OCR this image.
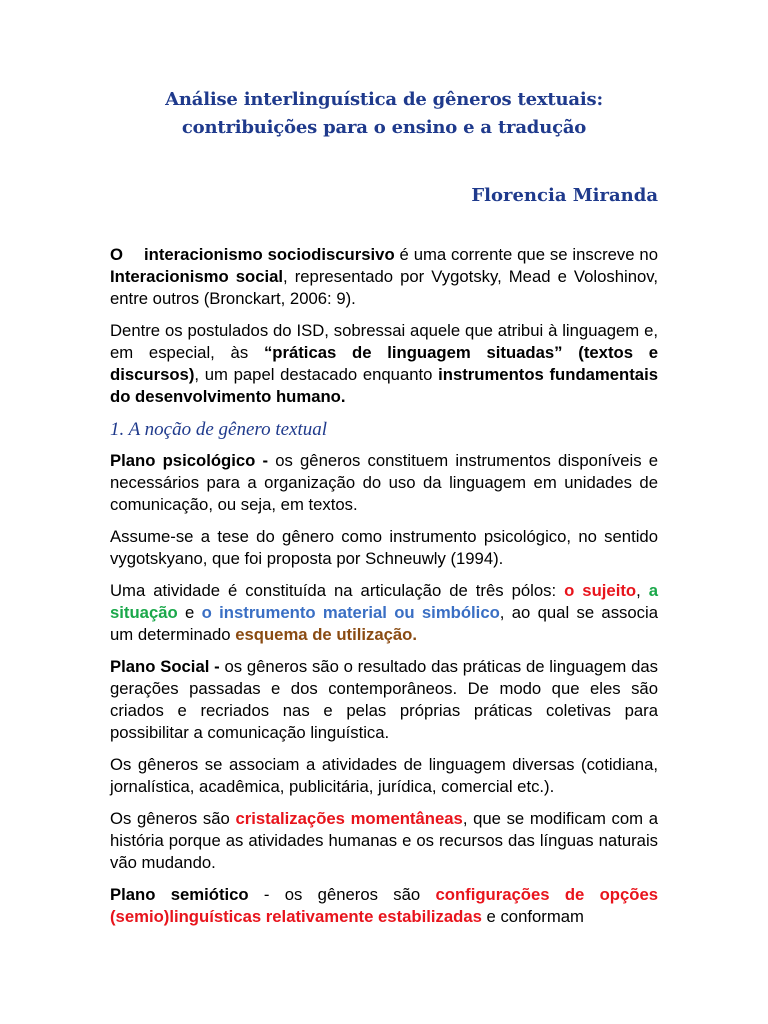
Análise interlinguística de gêneros textuais:
contribuições para o ensino e a tradução
Florencia Miranda

O interacionismo sociodiscursivo é uma corrente que se inscreve no Interacionismo social, representado por Vygotsky, Mead e Voloshinov, entre outros (Bronckart, 2006: 9).

Dentre os postulados do ISD, sobressai aquele que atribui à linguagem e, em especial, às “práticas de linguagem situadas” (textos e discursos), um papel destacado enquanto instrumentos fundamentais do desenvolvimento humano.

1. A noção de gênero textual

Plano psicológico - os gêneros constituem instrumentos disponíveis e necessários para a organização do uso da linguagem em unidades de comunicação, ou seja, em textos.

Assume-se a tese do gênero como instrumento psicológico, no sentido vygotskyano, que foi proposta por Schneuwly (1994).

Uma atividade é constituída na articulação de três pólos: o sujeito, a situação e o instrumento material ou simbólico, ao qual se associa um determinado esquema de utilização.

Plano Social - os gêneros são o resultado das práticas de linguagem das gerações passadas e dos contemporâneos. De modo que eles são criados e recriados nas e pelas próprias práticas coletivas para possibilitar a comunicação linguística.

Os gêneros se associam a atividades de linguagem diversas (cotidiana, jornalística, acadêmica, publicitária, jurídica, comercial etc.).

Os gêneros são cristalizações momentâneas, que se modificam com a história porque as atividades humanas e os recursos das línguas naturais vão mudando.

Plano semiótico - os gêneros são configurações de opções (semio)linguísticas relativamente estabilizadas e conformam
